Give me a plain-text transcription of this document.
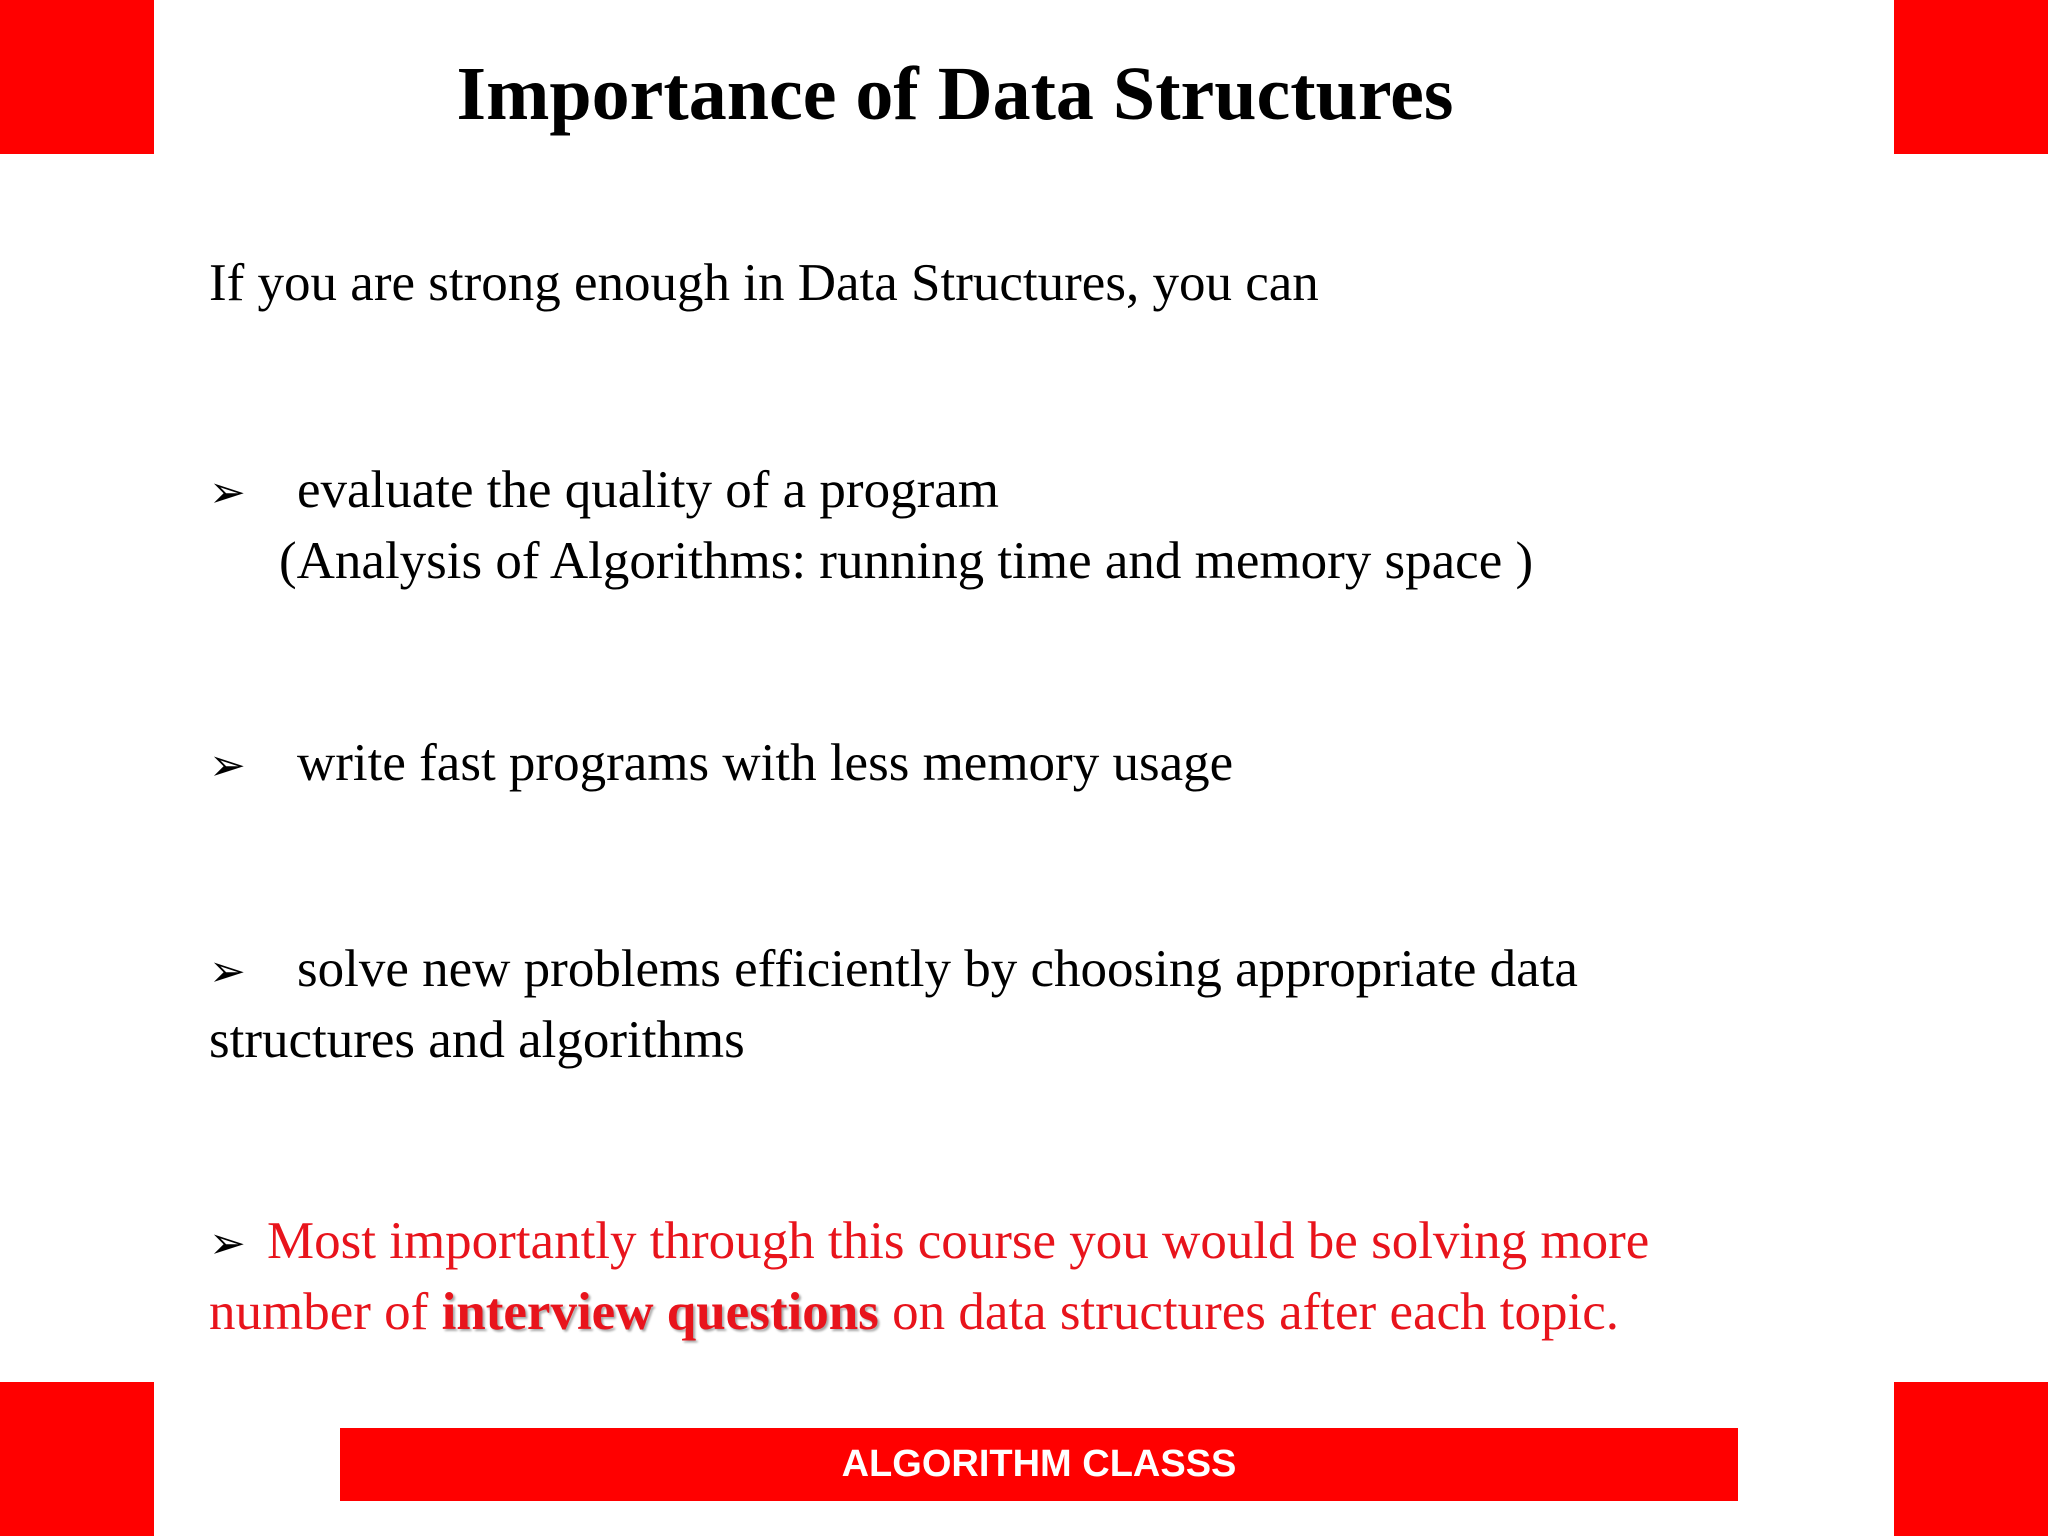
Importance of Data Structures
If you are strong enough in Data Structures, you can
➢ evaluate the quality of a program
(Analysis of Algorithms: running time and memory space )
➢ write fast programs with less memory usage
➢ solve new problems efficiently by choosing appropriate data
structures and algorithms
➢ Most importantly through this course you would be solving more
number of interview questions on data structures after each topic.
ALGORITHM CLASSS
